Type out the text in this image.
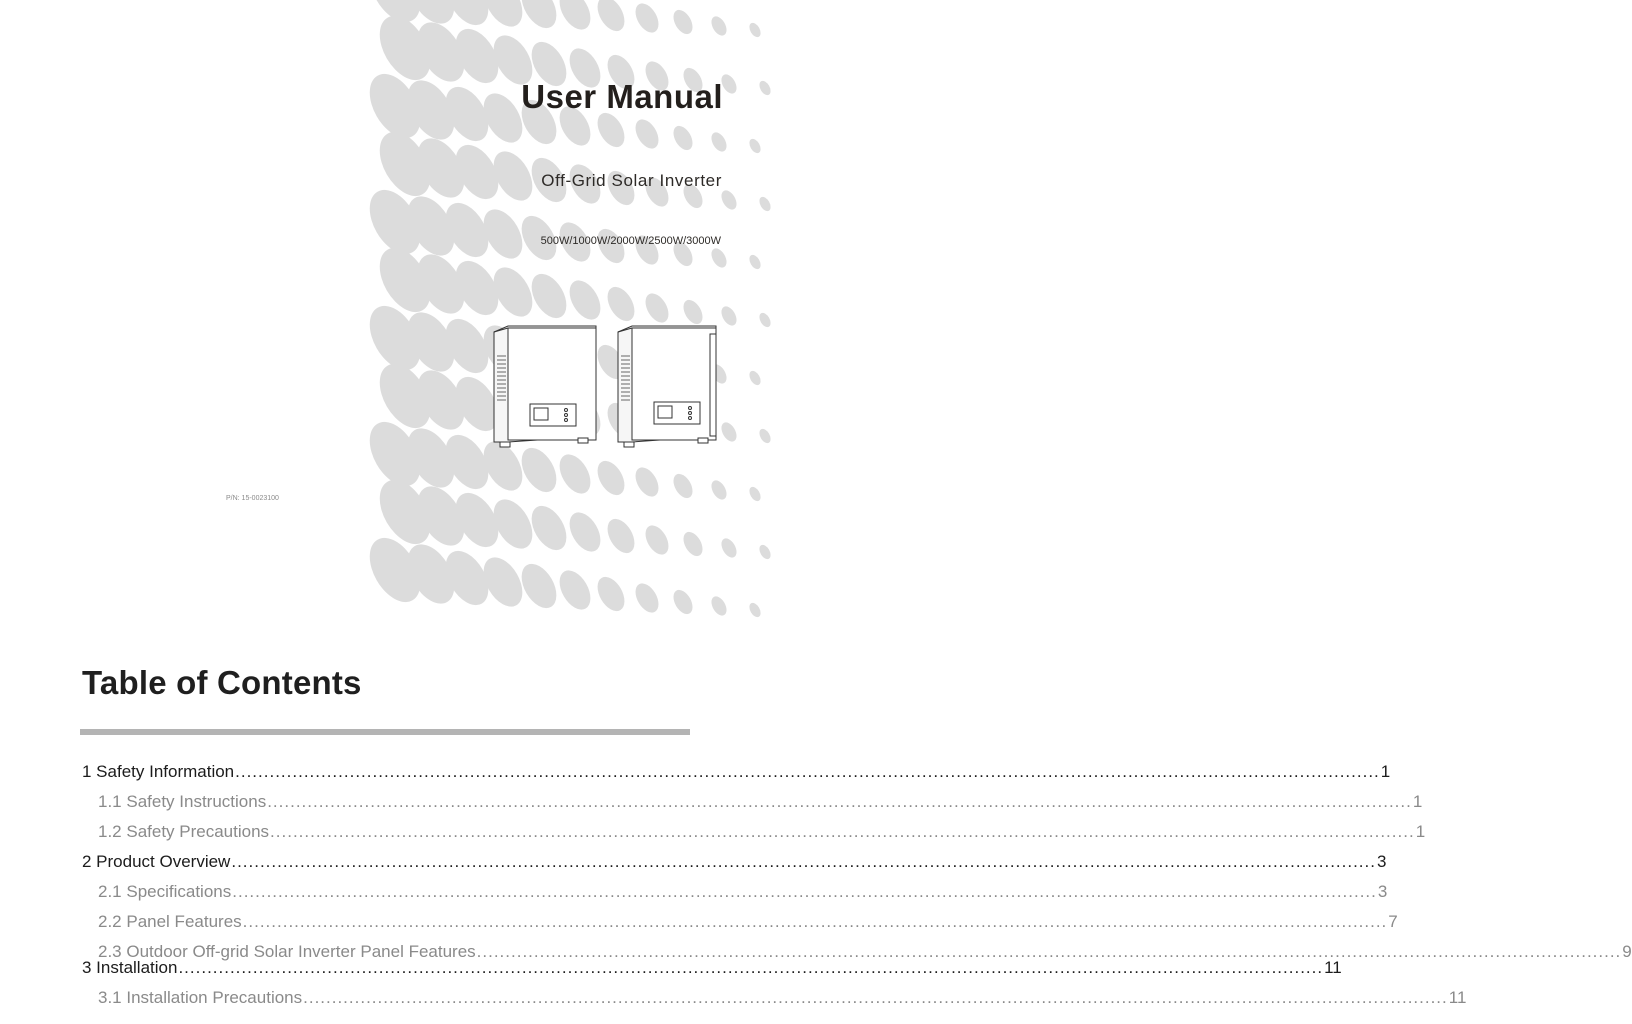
User Manual
Off-Grid Solar Inverter
500W/1000W/2000W/2500W/3000W
P/N: 15-0023100
Table of Contents
1 Safety Information ........................................................................................................................................................................................................ 1
1.1 Safety Instructions ........................................................................................................................................................................................................ 1
1.2 Safety Precautions ........................................................................................................................................................................................................ 1
2 Product Overview ........................................................................................................................................................................................................ 3
2.1 Specifications ........................................................................................................................................................................................................ 3
2.2 Panel Features ........................................................................................................................................................................................................ 7
2.3 Outdoor Off-grid Solar Inverter Panel Features ........................................................................................................................................................................................................ 9
3 Installation ........................................................................................................................................................................................................ 11
3.1 Installation Precautions ........................................................................................................................................................................................................ 11
